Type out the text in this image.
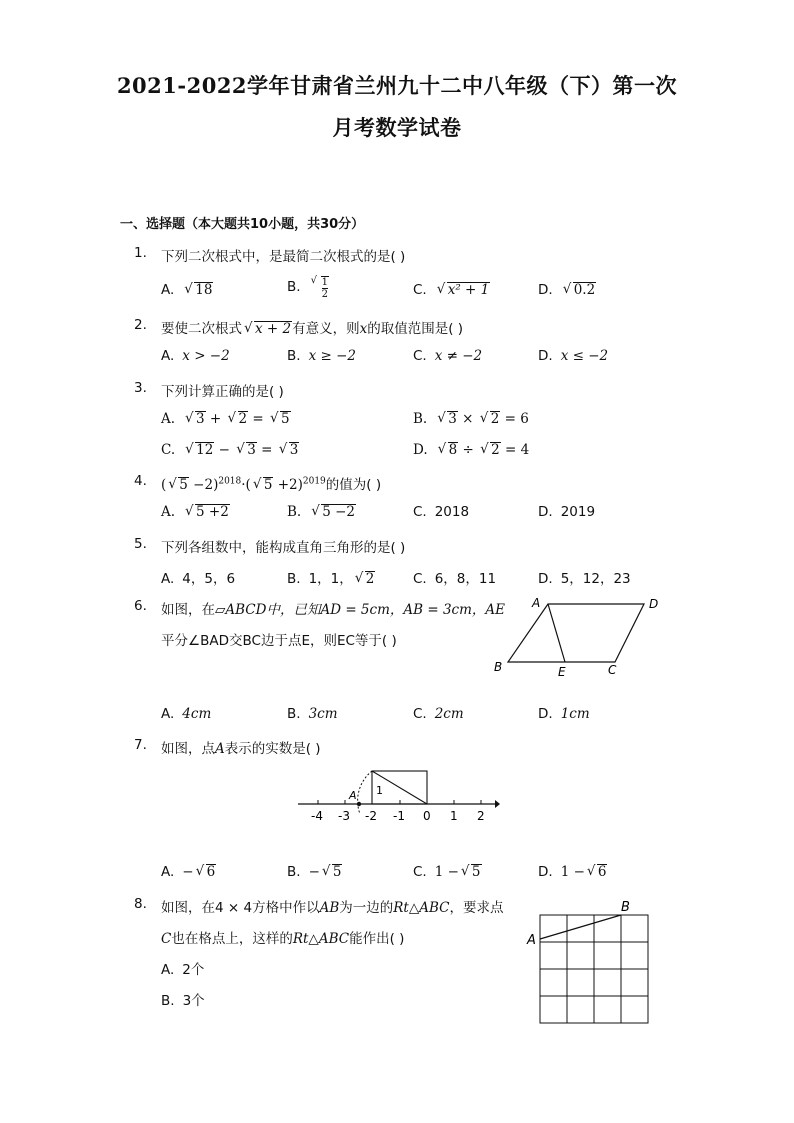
2021-2022学年甘肃省兰州九十二中八年级（下）第一次
月考数学试卷
一、选择题（本大题共10小题，共30分）
1. 下列二次根式中，是最简二次根式的是( )
A. √ 18	B. √ $\frac{1}{2}$	C. √ x² + 1	D. √ 0.2
2. 要使二次根式 √ x + 2有意义，则x的取值范围是( )
A. x > −2	B. x ≥ −2	C. x ≠ −2	D. x ≤ −2
3. 下列计算正确的是( )
A. √ 3 + √ 2 = √ 5	B. √ 3 × √ 2 = 6
C. √ 12 − √ 3 = √ 3	D. √ 8 ÷ √ 2 = 4
4. ( √ 5 −2)$^{2018}$·( √ 5 +2)$^{2019}$的值为( )
A. √ 5 +2	B. √ 5 −2	C. 2018	D. 2019
5. 下列各组数中，能构成直角三角形的是( )
A. 4，5，6	B. 1，1， √ 2	C. 6，8，11	D. 5，12，23
6. 如图，在▱ABCD中，已知AD = 5cm，AB = 3cm，AE
平分∠BAD交BC边于点E，则EC等于( )
A	D
B	E	C
A. 4cm	B. 3cm	C. 2cm	D. 1cm
7. 如图，点A表示的实数是( )
A 1
-4 -3 -2 -1 0 1 2
A. − √ 6	B. − √ 5	C. 1 − √ 5	D. 1 − √ 6
8. 如图，在4 × 4方格中作以AB为一边的Rt△ABC，要求点
C也在格点上，这样的Rt△ABC能作出( )
A. 2个
B. 3个
A
B
